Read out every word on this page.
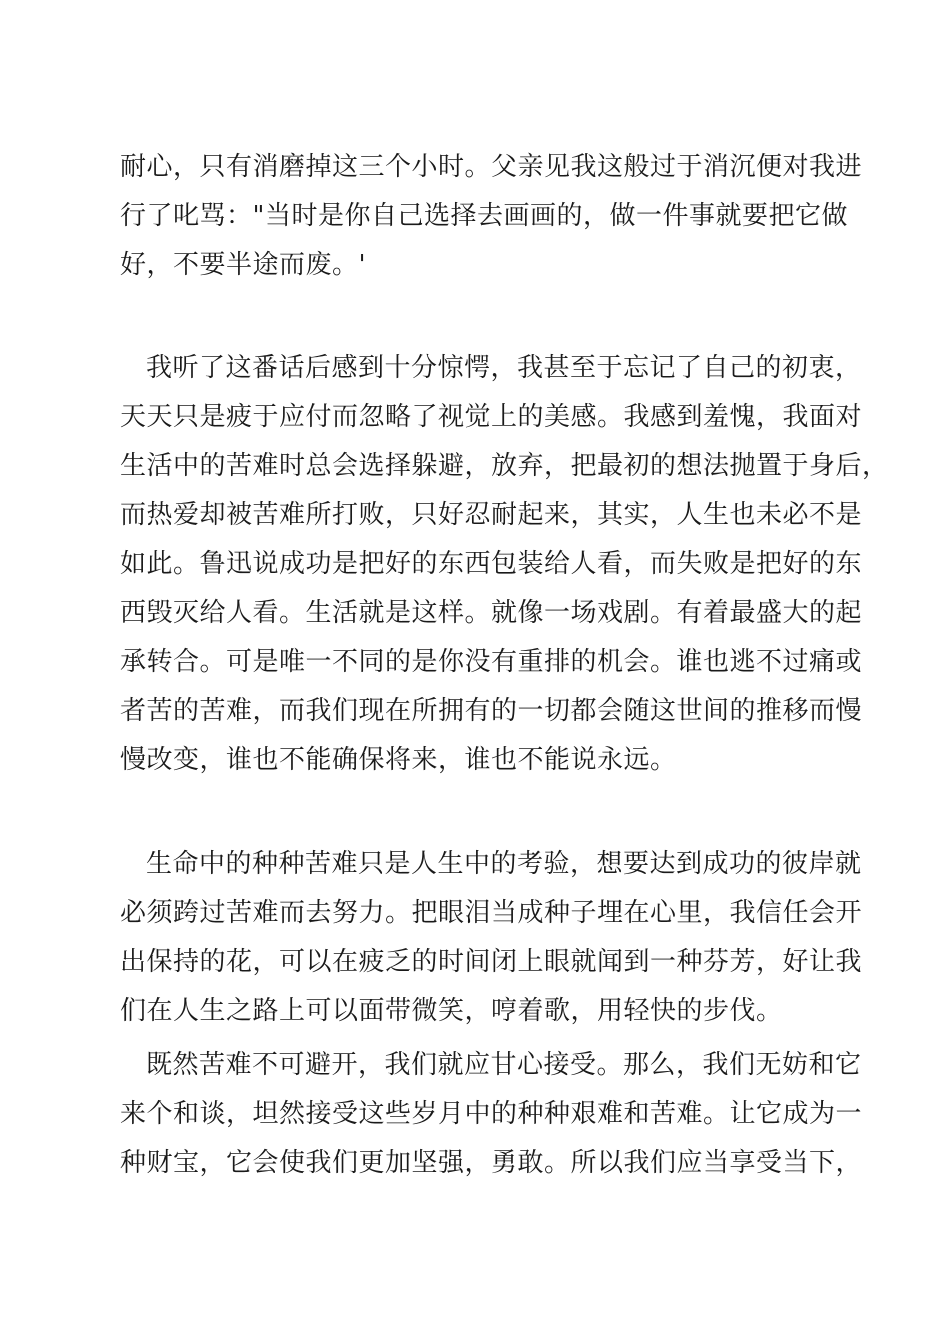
耐心，只有消磨掉这三个小时。父亲见我这般过于消沉便对我进
行了叱骂："当时是你自己选择去画画的，做一件事就要把它做
好，不要半途而废。'
我听了这番话后感到十分惊愕，我甚至于忘记了自己的初衷，
天天只是疲于应付而忽略了视觉上的美感。我感到羞愧，我面对
生活中的苦难时总会选择躲避，放弃，把最初的想法抛置于身后，
而热爱却被苦难所打败，只好忍耐起来，其实，人生也未必不是
如此。鲁迅说成功是把好的东西包装给人看，而失败是把好的东
西毁灭给人看。生活就是这样。就像一场戏剧。有着最盛大的起
承转合。可是唯一不同的是你没有重排的机会。谁也逃不过痛或
者苦的苦难，而我们现在所拥有的一切都会随这世间的推移而慢
慢改变，谁也不能确保将来，谁也不能说永远。
生命中的种种苦难只是人生中的考验，想要达到成功的彼岸就
必须跨过苦难而去努力。把眼泪当成种子埋在心里，我信任会开
出保持的花，可以在疲乏的时间闭上眼就闻到一种芬芳，好让我
们在人生之路上可以面带微笑，哼着歌，用轻快的步伐。
既然苦难不可避开，我们就应甘心接受。那么，我们无妨和它
来个和谈，坦然接受这些岁月中的种种艰难和苦难。让它成为一
种财宝，它会使我们更加坚强，勇敢。所以我们应当享受当下，
